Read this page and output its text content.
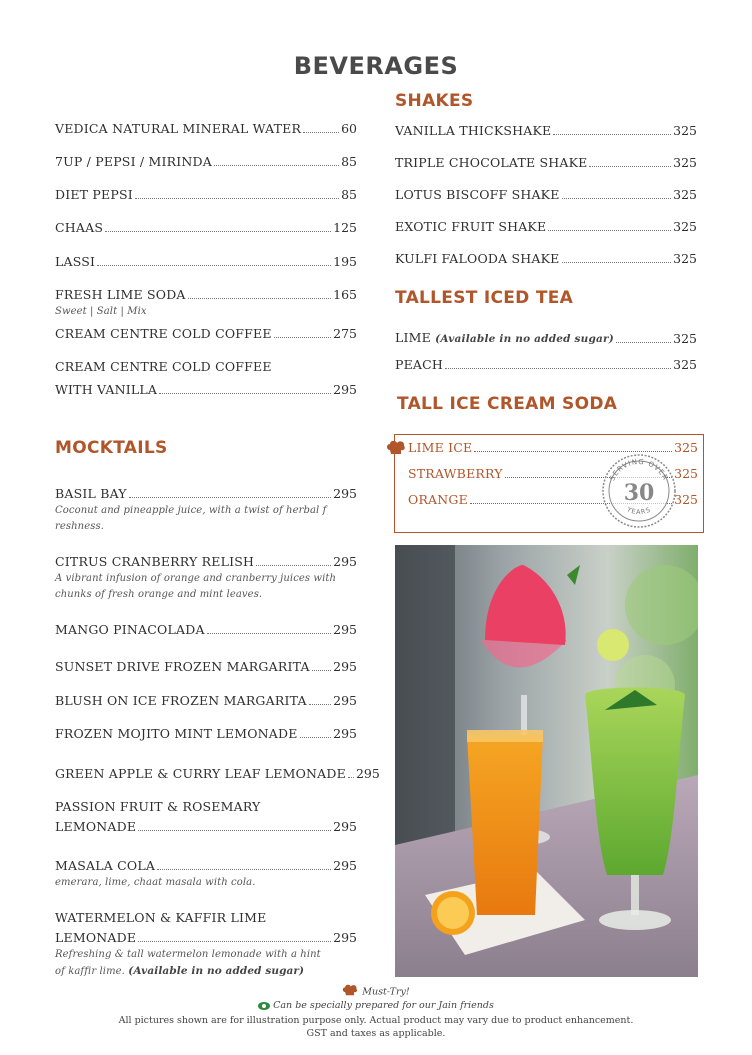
BEVERAGES
VEDICA NATURAL MINERAL WATER	60
7UP / PEPSI / MIRINDA	85
DIET PEPSI	85
CHAAS	125
LASSI	195
FRESH LIME SODA	165
Sweet | Salt | Mix
CREAM CENTRE COLD COFFEE	275
CREAM CENTRE COLD COFFEE
WITH VANILLA	295
MOCKTAILS
BASIL BAY	295
Coconut and pineapple juice, with a twist of herbal f
reshness.
CITRUS CRANBERRY RELISH	295
A vibrant infusion of orange and cranberry juices with
chunks of fresh orange and mint leaves.
MANGO PINACOLADA	295
SUNSET DRIVE FROZEN MARGARITA 295
BLUSH ON ICE FROZEN MARGARITA 295
FROZEN MOJITO MINT LEMONADE	295
GREEN APPLE & CURRY LEAF LEMONADE 295
PASSION FRUIT & ROSEMARY
LEMONADE	295
MASALA COLA	295
emerara, lime, chaat masala with cola.
WATERMELON & KAFFIR LIME
LEMONADE	295
Refreshing & tall watermelon lemonade with a hint
of kaffir lime. (Available in no added sugar)
SHAKES
VANILLA THICKSHAKE	325
TRIPLE CHOCOLATE SHAKE	325
LOTUS BISCOFF SHAKE	325
EXOTIC FRUIT SHAKE	325
KULFI FALOODA SHAKE	325
TALLEST ICED TEA
LIME (Available in no added sugar)	325
PEACH	325
TALL ICE CREAM SODA
LIME ICE	325
STRAWBERRY	325
ORANGE	325
SERVING OVER
30
YEARS
Must-Try!
Can be specially prepared for our Jain friends
All pictures shown are for illustration purpose only. Actual product may vary due to product enhancement.
GST and taxes as applicable.
